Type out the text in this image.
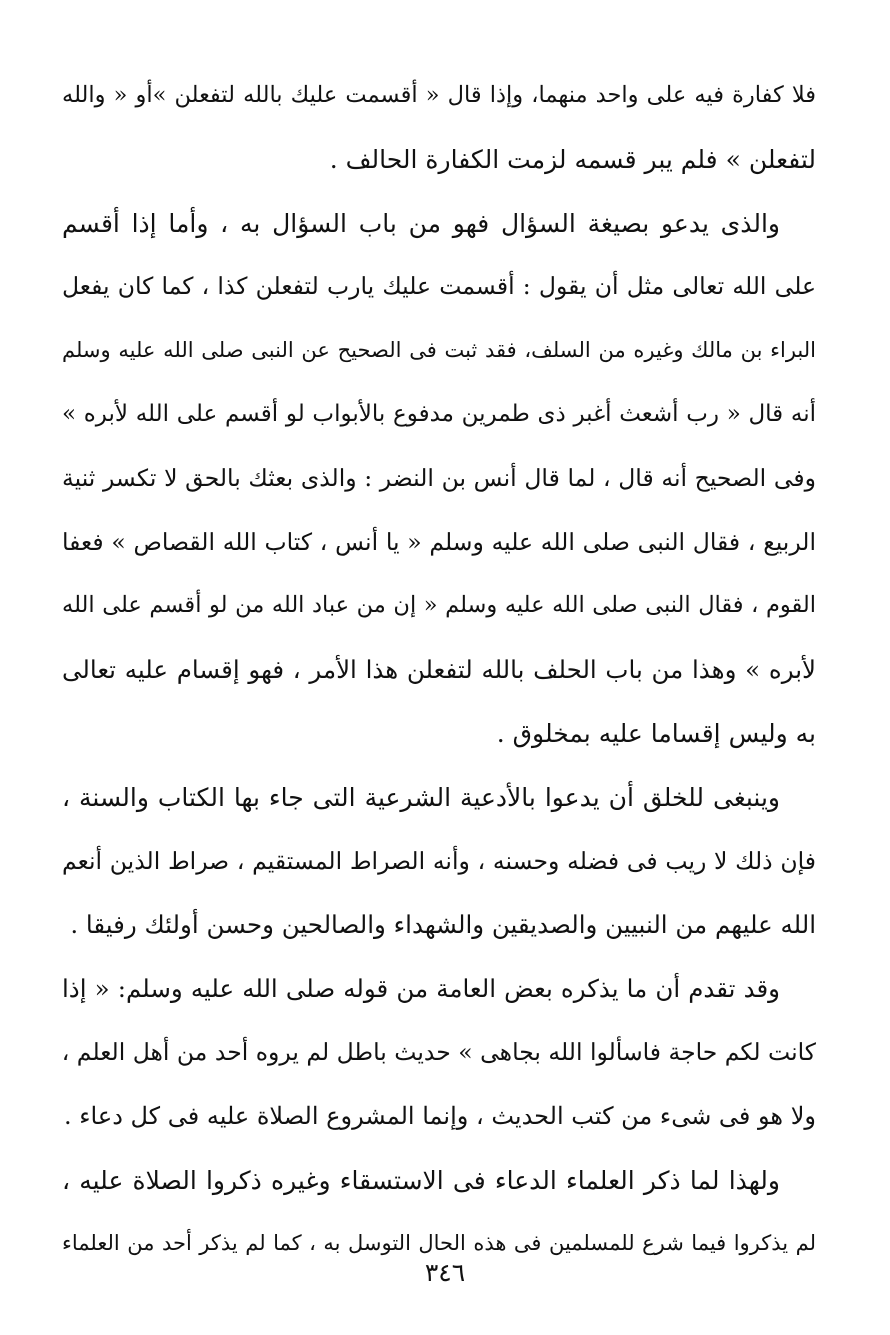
فلا كفارة فيه على واحد منهما، وإذا قال « أقسمت عليك بالله لتفعلن »أو « والله
لتفعلن » فلم يبر قسمه لزمت الكفارة الحالف .
والذى يدعو بصيغة السؤال فهو من باب السؤال به ، وأما إذا أقسم
على الله تعالى مثل أن يقول : أقسمت عليك يارب لتفعلن كذا ، كما كان يفعل
البراء بن مالك وغيره من السلف، فقد ثبت فى الصحيح عن النبى صلى الله عليه وسلم
أنه قال « رب أشعث أغبر ذى طمرين مدفوع بالأبواب لو أقسم على الله لأبره »
وفى الصحيح أنه قال ، لما قال أنس بن النضر : والذى بعثك بالحق لا تكسر ثنية
الربيع ، فقال النبى صلى الله عليه وسلم « يا أنس ، كتاب الله القصاص » فعفا
القوم ، فقال النبى صلى الله عليه وسلم « إن من عباد الله من لو أقسم على الله
لأبره » وهذا من باب الحلف بالله لتفعلن هذا الأمر ، فهو إقسام عليه تعالى
به وليس إقساما عليه بمخلوق .
وينبغى للخلق أن يدعوا بالأدعية الشرعية التى جاء بها الكتاب والسنة ،
فإن ذلك لا ريب فى فضله وحسنه ، وأنه الصراط المستقيم ، صراط الذين أنعم
الله عليهم من النبيين والصديقين والشهداء والصالحين وحسن أولئك رفيقا .
وقد تقدم أن ما يذكره بعض العامة من قوله صلى الله عليه وسلم: « إذا
كانت لكم حاجة فاسألوا الله بجاهى » حديث باطل لم يروه أحد من أهل العلم ،
ولا هو فى شىء من كتب الحديث ، وإنما المشروع الصلاة عليه فى كل دعاء .
ولهذا لما ذكر العلماء الدعاء فى الاستسقاء وغيره ذكروا الصلاة عليه ،
لم يذكروا فيما شرع للمسلمين فى هذه الحال التوسل به ، كما لم يذكر أحد من العلماء
٣٤٦
